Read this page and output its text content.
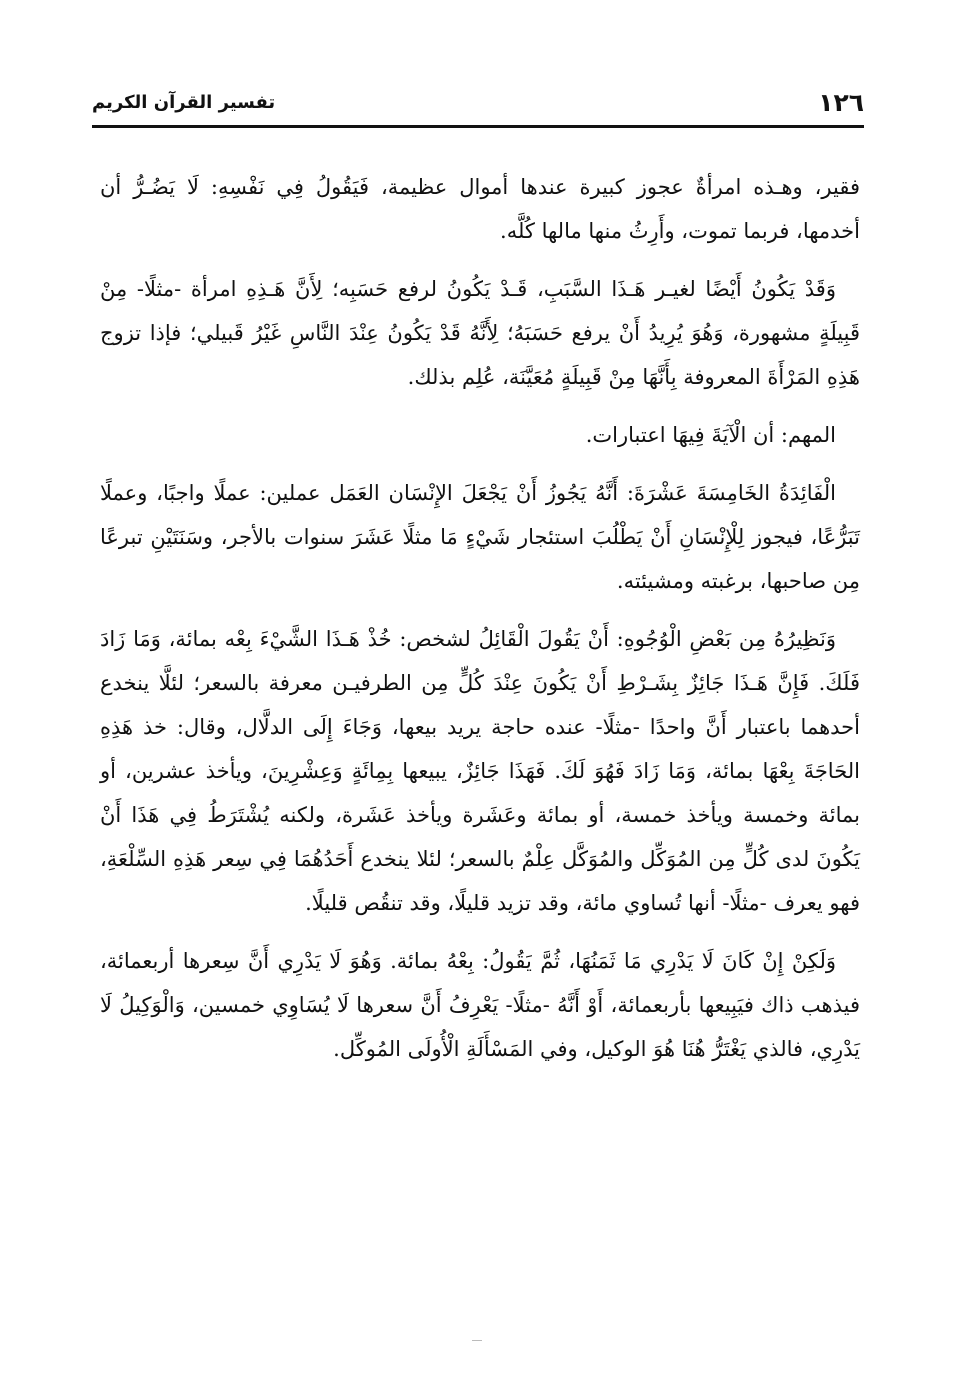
١٢٦
تفسير القرآن الكريم

فقير، وهـذه امرأةٌ عجوز كبيرة عندها أموال عظيمة، فَيَقُولُ فِي نَفْسِهِ: لَا يَضُـرُّ أن أخدمها، فربما تموت، وأَرِثُ منها مالها كُلَّه.

وَقَدْ يَكُونُ أَيْضًا لغيـر هَـذَا السَّبَبِ، قَـدْ يَكُونُ لرفع حَسَبِه؛ لِأَنَّ هَـذِهِ امرأة -مثلًا- مِنْ قَبِيلَةٍ مشهورة، وَهُوَ يُرِيدُ أَنْ يرفع حَسَبَهُ؛ لِأَنَّهُ قَدْ يَكُونُ عِنْدَ النَّاسِ غَيْرُ قَبيلي؛ فإذا تزوج هَذِهِ المَرْأَةَ المعروفة بِأَنَّهَا مِنْ قَبِيلَةٍ مُعَيَّنَة، عُلِم بذلك.

المهم: أن الْآيَةَ فِيهَا اعتبارات.

الْفَائِدَةُ الخَامِسَةَ عَشْرَةَ: أَنَّهُ يَجُوزُ أَنْ يَجْعَلَ الإِنْسَان العَمَل عملين: عملًا واجبًا، وعملًا تَبَرُّعًا، فيجوز لِلْإِنْسَانِ أَنْ يَطْلُبَ استئجار شَيْءٍ مَا مثلًا عَشَرَ سنوات بالأجر، وسَنَتَيْنِ تبرعًا مِن صاحبها، برغبته ومشيئته.

وَنَظِيرُهُ مِن بَعْضِ الْوُجُوهِ: أَنْ يَقُولَ الْقَائِلُ لشخص: خُذْ هَـذَا الشَّيْءَ بِعْه بمائة، وَمَا زَادَ فَلَكَ. فَإِنَّ هَـذَا جَائِزٌ بِشَـرْطِ أَنْ يَكُونَ عِنْدَ كُلٍّ مِن الطرفيـن معرفة بالسعر؛ لئلَّا ينخدع أحدهما باعتبار أَنَّ واحدًا -مثلًا- عنده حاجة يريد بيعها، وَجَاءَ إِلَى الدلَّال، وقال: خذ هَذِهِ الحَاجَةَ بِعْهَا بمائة، وَمَا زَادَ فَهُوَ لَكَ. فَهَذَا جَائِزٌ، يبيعها بِمِائَةٍ وَعِشْرِينَ، ويأخذ عشرين، أو بمائة وخمسة ويأخذ خمسة، أو بمائة وعَشَرة ويأخذ عَشَرة، ولكنه يُشْتَرَطُ فِي هَذَا أَنْ يَكُونَ لدى كُلٍّ مِن المُوَكِّل والمُوَكَّل عِلْمٌ بالسعر؛ لئلا ينخدع أَحَدُهُمَا فِي سِعر هَذِهِ السِّلْعَةِ، فهو يعرف -مثلًا- أنها تُساوي مائة، وقد تزيد قليلًا، وقد تنقُص قليلًا.

وَلَكِنْ إِنْ كَانَ لَا يَدْرِي مَا ثَمَنُهَا، ثُمَّ يَقُولُ: بِعْهُ بمائة. وَهُوَ لَا يَدْرِي أَنَّ سِعرها أربعمائة، فيذهب ذاك فيَبِيعها بأربعمائة، أَوْ أَنَّهُ -مثلًا- يَعْرِفُ أَنَّ سعرها لَا يُسَاوِي خمسين، وَالْوَكِيلُ لَا يَدْرِي، فالذي يَغْتَرُّ هُنَا هُوَ الوكيل، وفي المَسْأَلَةِ الْأُولَى المُوكِّل.
